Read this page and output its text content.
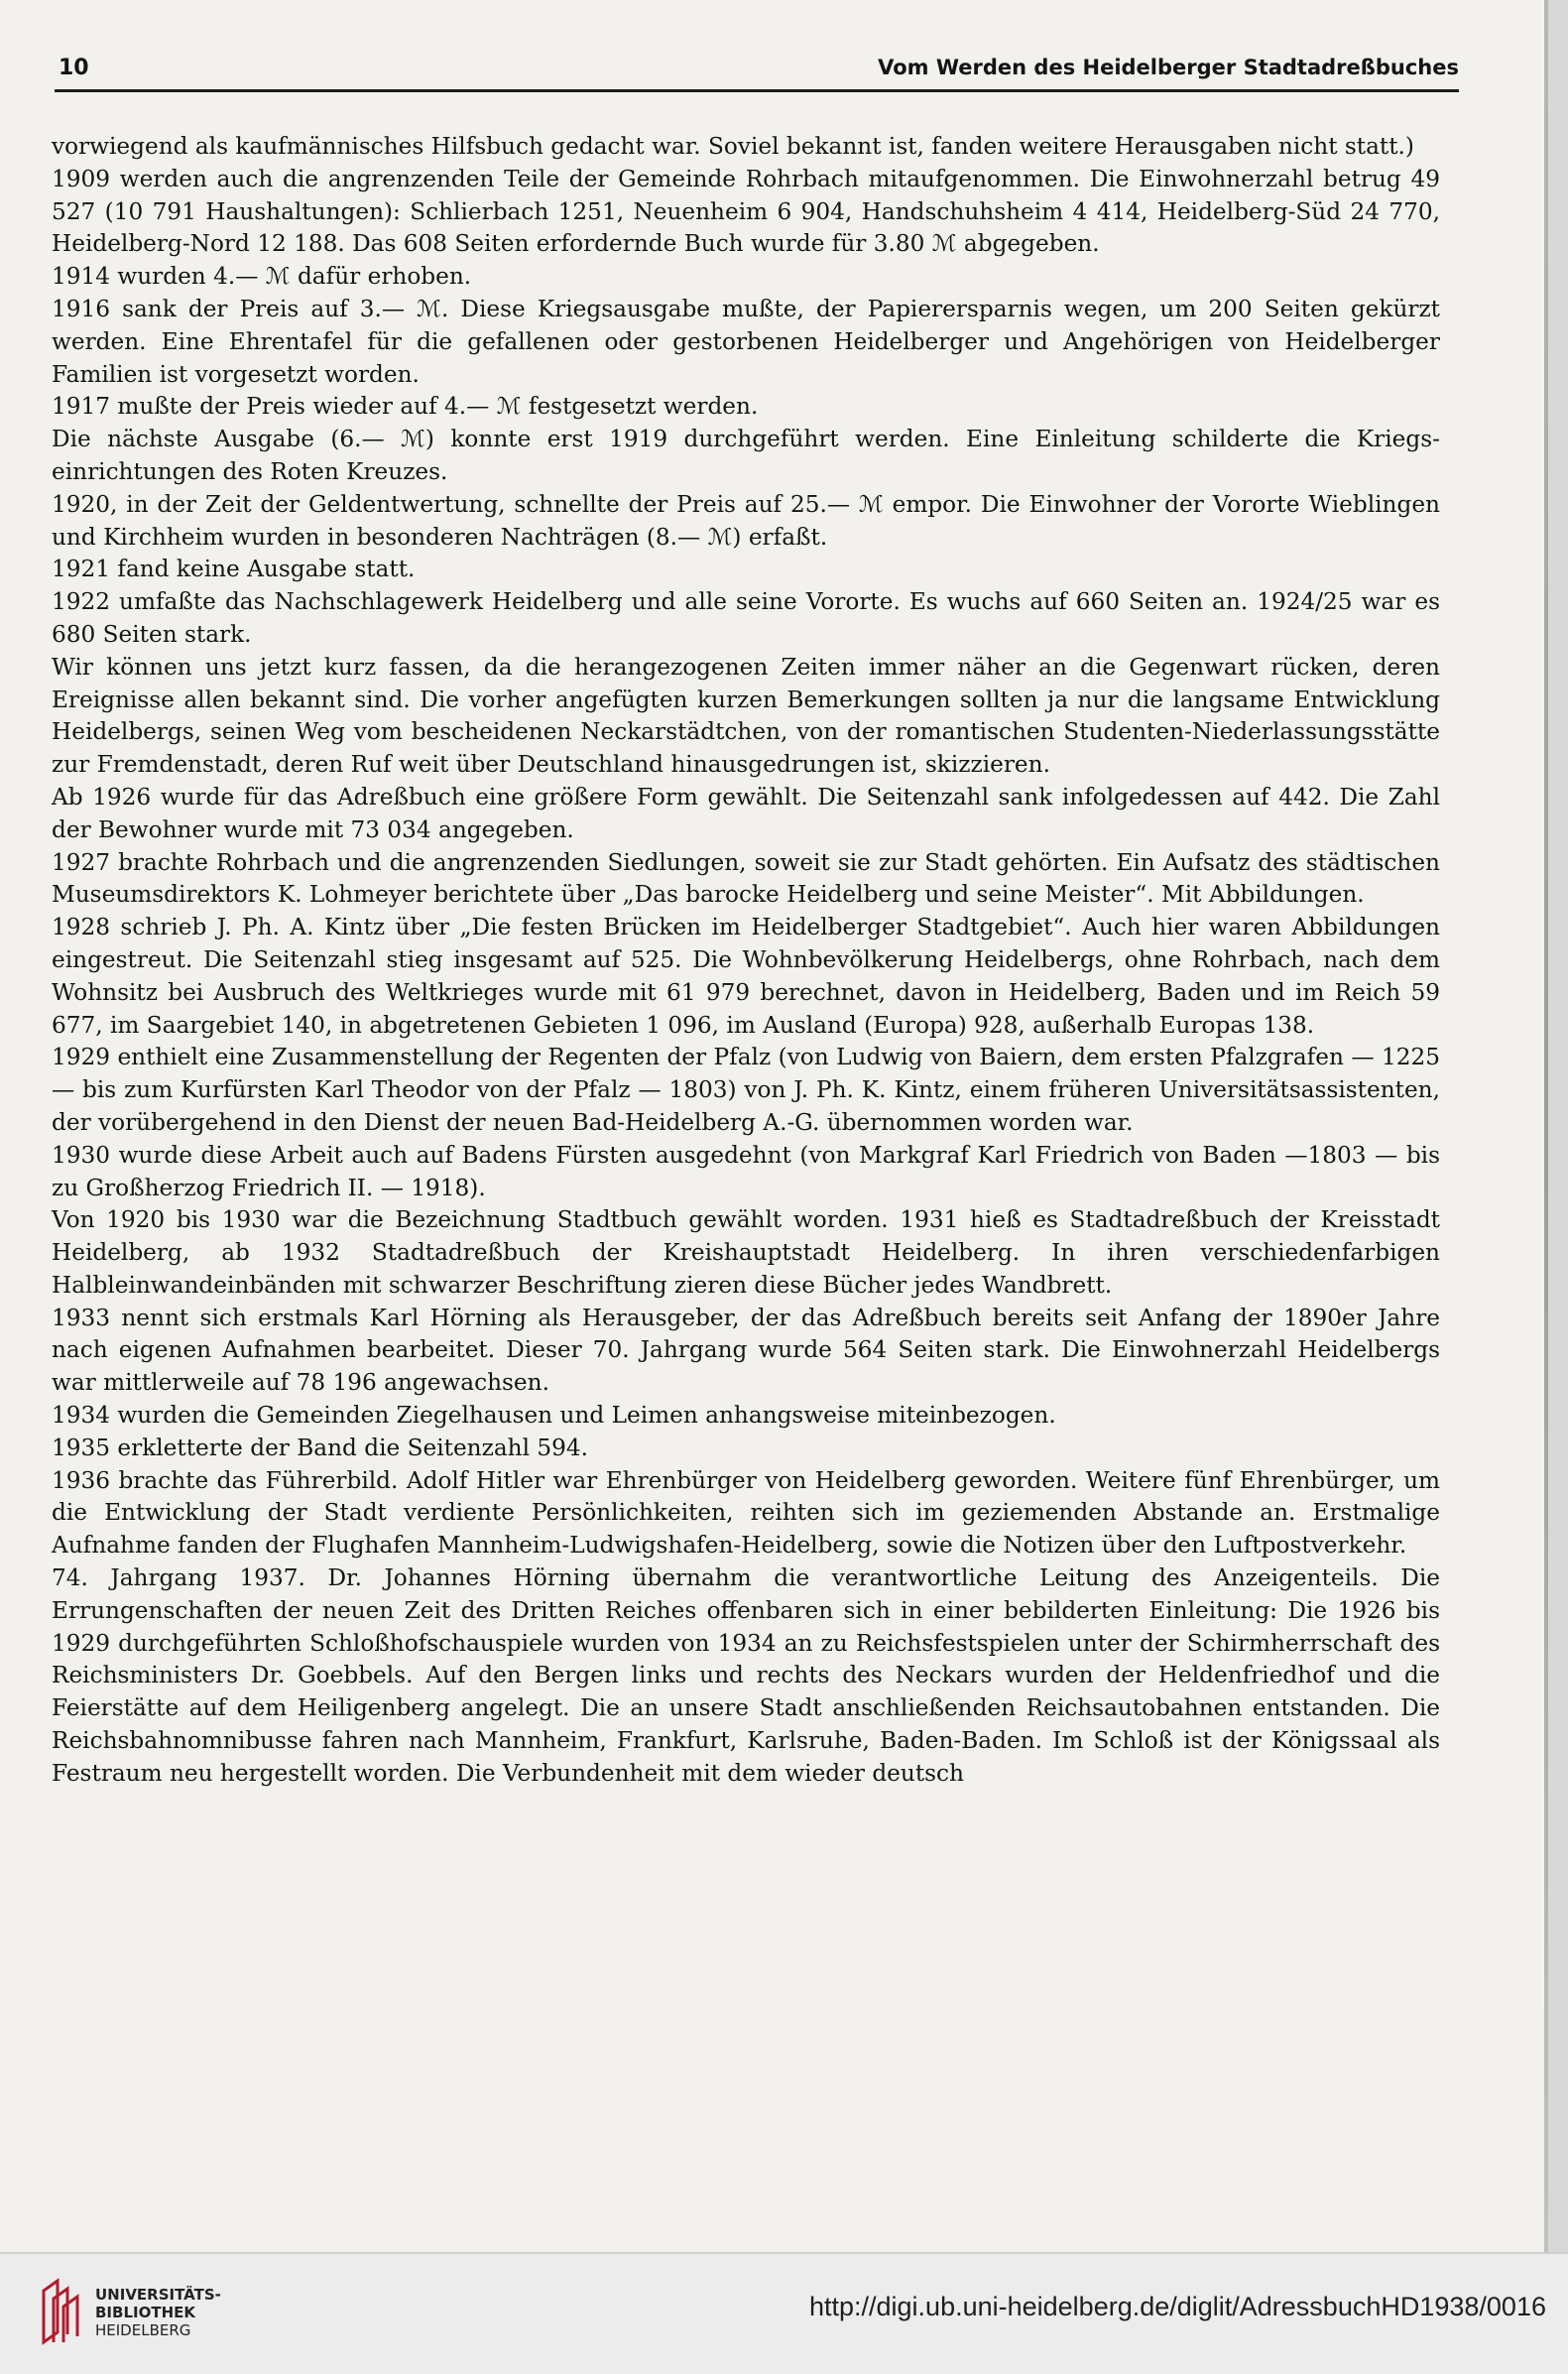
10	Vom Werden des Heidelberger Stadtadreßbuches

vorwiegend als kaufmännisches Hilfsbuch gedacht war. Soviel bekannt ist, fanden weitere Herausgaben nicht statt.)

1909 werden auch die angrenzenden Teile der Gemeinde Rohrbach mitaufgenommen. Die Einwohnerzahl betrug 49 527 (10 791 Haushaltungen): Schlierbach 1251, Neuenheim 6 904, Handschuhsheim 4 414, Heidelberg-Süd 24 770, Heidelberg-Nord 12 188. Das 608 Seiten erfordernde Buch wurde für 3.80 ℳ abgegeben.

1914 wurden 4.— ℳ dafür erhoben.

1916 sank der Preis auf 3.— ℳ. Diese Kriegsausgabe mußte, der Papierersparnis wegen, um 200 Seiten gekürzt werden. Eine Ehrentafel für die gefallenen oder gestorbenen Heidelberger und Angehörigen von Heidelberger Familien ist vorgesetzt worden.

1917 mußte der Preis wieder auf 4.— ℳ festgesetzt werden.

Die nächste Ausgabe (6.— ℳ) konnte erst 1919 durchgeführt werden. Eine Einleitung schilderte die Kriegseinrichtungen des Roten Kreuzes.

1920, in der Zeit der Geldentwertung, schnellte der Preis auf 25.— ℳ empor. Die Einwohner der Vororte Wieblingen und Kirchheim wurden in besonderen Nachträgen (8.— ℳ) erfaßt.

1921 fand keine Ausgabe statt.

1922 umfaßte das Nachschlagewerk Heidelberg und alle seine Vororte. Es wuchs auf 660 Seiten an. 1924/25 war es 680 Seiten stark.

Wir können uns jetzt kurz fassen, da die herangezogenen Zeiten immer näher an die Gegenwart rücken, deren Ereignisse allen bekannt sind. Die vorher angefügten kurzen Bemerkungen sollten ja nur die langsame Entwicklung Heidelbergs, seinen Weg vom bescheidenen Neckarstädtchen, von der romantischen Studenten-Niederlassungsstätte zur Fremdenstadt, deren Ruf weit über Deutschland hinausgedrungen ist, skizzieren.

Ab 1926 wurde für das Adreßbuch eine größere Form gewählt. Die Seitenzahl sank infolgedessen auf 442. Die Zahl der Bewohner wurde mit 73 034 angegeben.

1927 brachte Rohrbach und die angrenzenden Siedlungen, soweit sie zur Stadt gehörten. Ein Aufsatz des städtischen Museumsdirektors K. Lohmeyer berichtete über „Das barocke Heidelberg und seine Meister“. Mit Abbildungen.

1928 schrieb J. Ph. A. Kintz über „Die festen Brücken im Heidelberger Stadtgebiet“. Auch hier waren Abbildungen eingestreut. Die Seitenzahl stieg insgesamt auf 525. Die Wohnbevölkerung Heidelbergs, ohne Rohrbach, nach dem Wohnsitz bei Ausbruch des Weltkrieges wurde mit 61 979 berechnet, davon in Heidelberg, Baden und im Reich 59 677, im Saargebiet 140, in abgetretenen Gebieten 1 096, im Ausland (Europa) 928, außerhalb Europas 138.

1929 enthielt eine Zusammenstellung der Regenten der Pfalz (von Ludwig von Baiern, dem ersten Pfalzgrafen — 1225 — bis zum Kurfürsten Karl Theodor von der Pfalz — 1803) von J. Ph. K. Kintz, einem früheren Universitätsassistenten, der vorübergehend in den Dienst der neuen Bad-Heidelberg A.-G. übernommen worden war.

1930 wurde diese Arbeit auch auf Badens Fürsten ausgedehnt (von Markgraf Karl Friedrich von Baden —1803 — bis zu Großherzog Friedrich II. — 1918).

Von 1920 bis 1930 war die Bezeichnung Stadtbuch gewählt worden. 1931 hieß es Stadtadreßbuch der Kreisstadt Heidelberg, ab 1932 Stadtadreßbuch der Kreishauptstadt Heidelberg. In ihren verschiedenfarbigen Halbleinwandeinbänden mit schwarzer Beschriftung zieren diese Bücher jedes Wandbrett.

1933 nennt sich erstmals Karl Hörning als Herausgeber, der das Adreßbuch bereits seit Anfang der 1890er Jahre nach eigenen Aufnahmen bearbeitet. Dieser 70. Jahrgang wurde 564 Seiten stark. Die Einwohnerzahl Heidelbergs war mittlerweile auf 78 196 angewachsen.

1934 wurden die Gemeinden Ziegelhausen und Leimen anhangsweise miteinbezogen.

1935 erkletterte der Band die Seitenzahl 594.

1936 brachte das Führerbild. Adolf Hitler war Ehrenbürger von Heidelberg geworden. Weitere fünf Ehrenbürger, um die Entwicklung der Stadt verdiente Persönlichkeiten, reihten sich im geziemenden Abstande an. Erstmalige Aufnahme fanden der Flughafen Mannheim-Ludwigshafen-Heidelberg, sowie die Notizen über den Luftpostverkehr.

74. Jahrgang 1937. Dr. Johannes Hörning übernahm die verantwortliche Leitung des Anzeigenteils. Die Errungenschaften der neuen Zeit des Dritten Reiches offenbaren sich in einer bebilderten Einleitung: Die 1926 bis 1929 durchgeführten Schloßhofschauspiele wurden von 1934 an zu Reichsfestspielen unter der Schirmherrschaft des Reichsministers Dr. Goebbels. Auf den Bergen links und rechts des Neckars wurden der Heldenfriedhof und die Feierstätte auf dem Heiligenberg angelegt. Die an unsere Stadt anschließenden Reichsautobahnen entstanden. Die Reichsbahnomnibusse fahren nach Mannheim, Frankfurt, Karlsruhe, Baden-Baden. Im Schloß ist der Königssaal als Festraum neu hergestellt worden. Die Verbundenheit mit dem wieder deutsch

UNIVERSITÄTS-
BIBLIOTHEK
HEIDELBERG
http://digi.ub.uni-heidelberg.de/diglit/AdressbuchHD1938/0016
